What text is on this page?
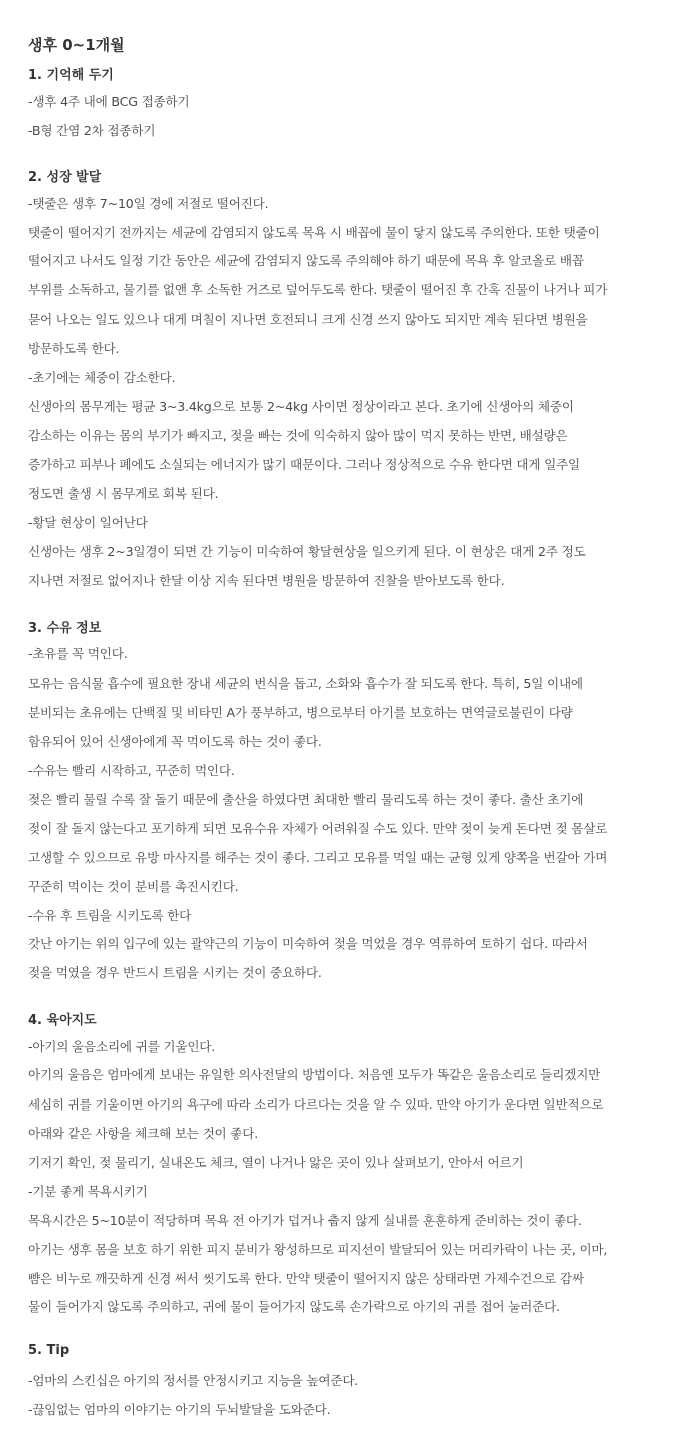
생후 0~1개월
1. 기억해 두기
-생후 4주 내에 BCG 접종하기
-B형 간염 2차 접종하기
2. 성장 발달
-탯줄은 생후 7~10일 경에 저절로 떨어진다.
탯줄이 떨어지기 전까지는 세균에 감염되지 않도록 목욕 시 배꼽에 물이 닿지 않도록 주의한다. 또한 탯줄이
떨어지고 나서도 일정 기간 동안은 세균에 감염되지 않도록 주의해야 하기 때문에 목욕 후 알코올로 배꼽
부위를 소독하고, 물기를 없앤 후 소독한 거즈로 덮어두도록 한다. 탯줄이 떨어진 후 간혹 진물이 나거나 피가
묻어 나오는 일도 있으나 대게 며칠이 지나면 호전되니 크게 신경 쓰지 않아도 되지만 계속 된다면 병원을
방문하도록 한다.
-초기에는 체중이 감소한다.
신생아의 몸무게는 평균 3~3.4kg으로 보통 2~4kg 사이면 정상이라고 본다. 초기에 신생아의 체중이
감소하는 이유는 몸의 부기가 빠지고, 젖을 빠는 것에 익숙하지 않아 많이 먹지 못하는 반면, 배설량은
증가하고 피부나 폐에도 소실되는 에너지가 많기 때문이다. 그러나 정상적으로 수유 한다면 대게 일주일
정도면 출생 시 몸무게로 회복 된다.
-황달 현상이 일어난다
신생아는 생후 2~3일경이 되면 간 기능이 미숙하여 황달현상을 일으키게 된다. 이 현상은 대게 2주 정도
지나면 저절로 없어지나 한달 이상 지속 된다면 병원을 방문하여 진찰을 받아보도록 한다.
3. 수유 정보
-초유를 꼭 먹인다.
모유는 음식물 흡수에 필요한 장내 세균의 번식을 돕고, 소화와 흡수가 잘 되도록 한다. 특히, 5일 이내에
분비되는 초유에는 단백질 및 비타민 A가 풍부하고, 병으로부터 아기를 보호하는 면역글로불린이 다량
함유되어 있어 신생아에게 꼭 먹이도록 하는 것이 좋다.
-수유는 빨리 시작하고, 꾸준히 먹인다.
젖은 빨리 물릴 수록 잘 돌기 때문에 출산을 하였다면 최대한 빨리 물리도록 하는 것이 좋다. 출산 초기에
젖이 잘 돌지 않는다고 포기하게 되면 모유수유 자체가 어려워질 수도 있다. 만약 젖이 늦게 돈다면 젖 몸살로
고생할 수 있으므로 유방 마사지를 해주는 것이 좋다. 그리고 모유를 먹일 때는 균형 있게 양쪽을 번갈아 가며
꾸준히 먹이는 것이 분비를 촉진시킨다.
-수유 후 트림을 시키도록 한다
갓난 아기는 위의 입구에 있는 괄약근의 기능이 미숙하여 젖을 먹었을 경우 역류하여 토하기 쉽다. 따라서
젖을 먹였을 경우 반드시 트림을 시키는 것이 중요하다.
4. 육아지도
-아기의 울음소리에 귀를 기울인다.
아기의 울음은 엄마에게 보내는 유일한 의사전달의 방법이다. 처음엔 모두가 똑같은 울음소리로 들리겠지만
세심히 귀를 기울이면 아기의 욕구에 따라 소리가 다르다는 것을 알 수 있따. 만약 아기가 운다면 일반적으로
아래와 같은 사항을 체크해 보는 것이 좋다.
기저기 확인, 젖 물리기, 실내온도 체크, 열이 나거나 앓은 곳이 있나 살펴보기, 안아서 어르기
-기분 좋게 목욕시키기
목욕시간은 5~10분이 적당하며 목욕 전 아기가 덥거나 춥지 않게 실내를 훈훈하게 준비하는 것이 좋다.
아기는 생후 몸을 보호 하기 위한 피지 분비가 왕성하므로 피지선이 발달되어 있는 머리카락이 나는 곳, 이마,
뺨은 비누로 깨끗하게 신경 써서 씻기도록 한다. 만약 탯줄이 떨어지지 않은 상태라면 가제수건으로 감싸
물이 들어가지 않도록 주의하고, 귀에 물이 들어가지 않도록 손가락으로 아기의 귀를 접어 눌러준다.
5. Tip
-엄마의 스킨십은 아기의 정서를 안정시키고 지능을 높여준다.
-끊임없는 엄마의 이야기는 아기의 두뇌발달을 도와준다.
